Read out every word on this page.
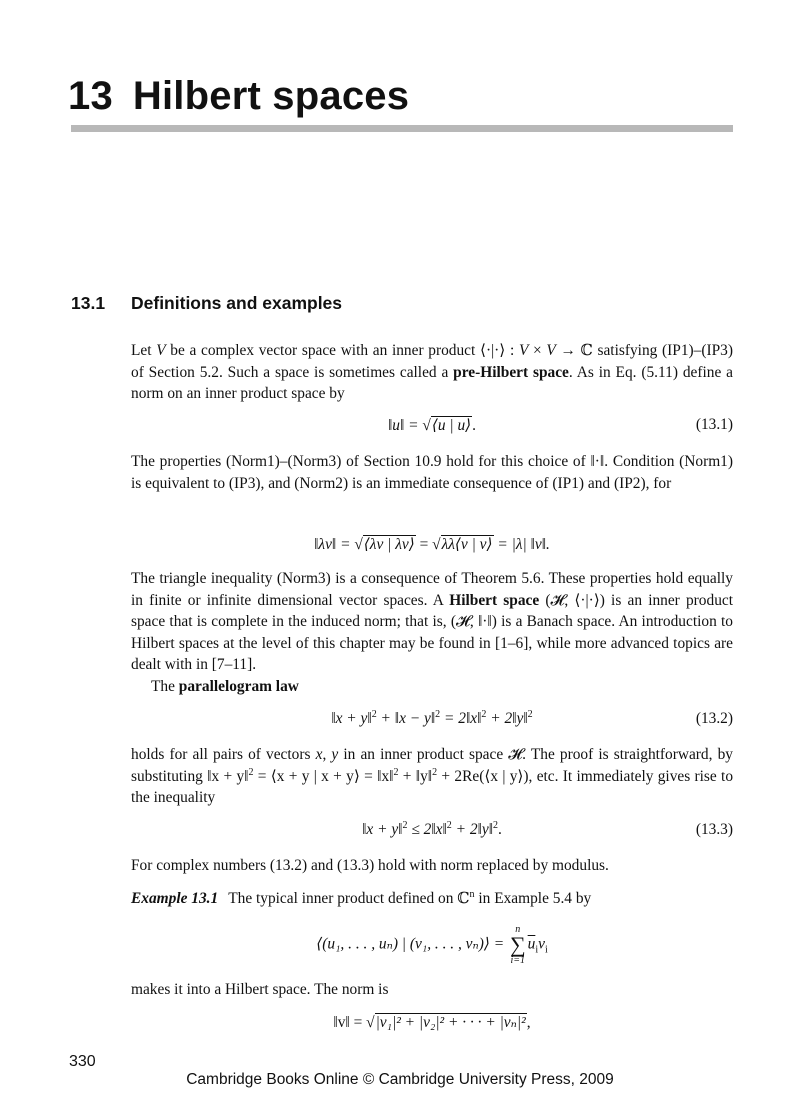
13 Hilbert spaces
13.1 Definitions and examples

Let V be a complex vector space with an inner product ⟨·|·⟩ : V × V → ℂ satisfying (IP1)–(IP3) of Section 5.2. Such a space is sometimes called a pre-Hilbert space. As in Eq. (5.11) define a norm on an inner product space by

‖u‖ = √⟨u | u⟩.	(13.1)

The properties (Norm1)–(Norm3) of Section 10.9 hold for this choice of ‖·‖. Condition (Norm1) is equivalent to (IP3), and (Norm2) is an immediate consequence of (IP1) and (IP2), for

‖λv‖ = √⟨λv | λv⟩ = $√\lambda\overline{\lambda}⟨v$ | v⟩ = |λ| ‖v‖.

The triangle inequality (Norm3) is a consequence of Theorem 5.6. These properties hold equally in finite or infinite dimensional vector spaces. A Hilbert space (𝓗, ⟨·|·⟩) is an inner product space that is complete in the induced norm; that is, (𝓗, ‖·‖) is a Banach space. An introduction to Hilbert spaces at the level of this chapter may be found in [1–6], while more advanced topics are dealt with in [7–11].

The parallelogram law

‖x + y‖$^2$ + ‖x − y‖$^2$ = 2‖x‖$^2$ + 2‖y‖$^2$	(13.2)

holds for all pairs of vectors x, y in an inner product space 𝓗. The proof is straightforward, by substituting ‖x + y‖$^2$ = ⟨x + y | x + y⟩ = ‖x‖$^2$ + ‖y‖$^2$ + 2Re(⟨x | y⟩), etc. It immediately gives rise to the inequality

‖x + y‖$^2$ ≤ 2‖x‖$^2$ + 2‖y‖$^2$.	(13.3)

For complex numbers (13.2) and (13.3) hold with norm replaced by modulus.

Example 13.1 The typical inner product defined on ℂ$^n$ in Example 5.4 by

⟨(u₁, . . . , uₙ) | (v₁, . . . , vₙ)⟩ =
n
∑
i=1
$\overline{u}_iv_i$

makes it into a Hilbert space. The norm is

‖v‖ = √|v₁|² + |v₂|² + · · · + |vₙ|²,
330
Cambridge Books Online © Cambridge University Press, 2009
